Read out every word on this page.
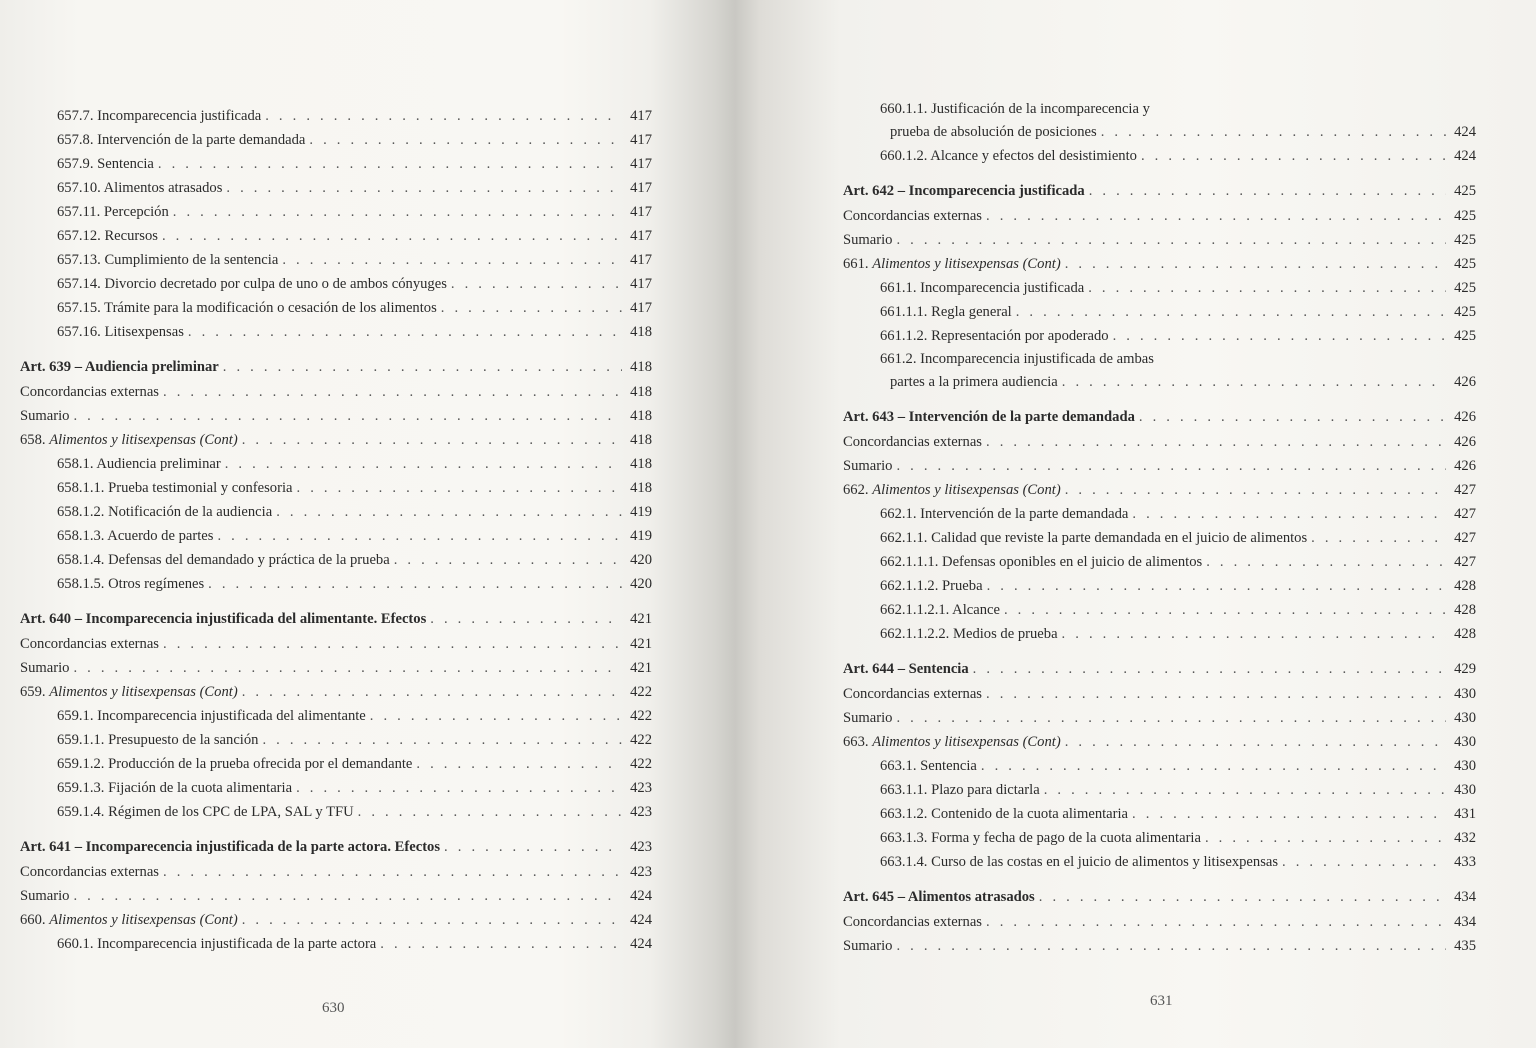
657.7. Incomparecencia justificada . . .	417
657.8. Intervención de la parte demandada . . .	417
657.9. Sentencia . . .	417
657.10. Alimentos atrasados . . .	417
657.11. Percepción . . .	417
657.12. Recursos . . .	417
657.13. Cumplimiento de la sentencia . . .	417
657.14. Divorcio decretado por culpa de uno o de ambos cónyuges . . .	417
657.15. Trámite para la modificación o cesación de los alimentos . . .	417
657.16. Litisexpensas . . .	418
Art. 639 – Audiencia preliminar . . .	418
Concordancias externas . . .	418
Sumario . . .	418
658. Alimentos y litisexpensas (Cont) . . .	418
658.1. Audiencia preliminar . . .	418
658.1.1. Prueba testimonial y confesoria . . .	418
658.1.2. Notificación de la audiencia . . .	419
658.1.3. Acuerdo de partes . . .	419
658.1.4. Defensas del demandado y práctica de la prueba . . .	420
658.1.5. Otros regímenes . . .	420
Art. 640 – Incomparecencia injustificada del alimentante. Efectos . . .	421
Concordancias externas . . .	421
Sumario . . .	421
659. Alimentos y litisexpensas (Cont) . . .	422
659.1. Incomparecencia injustificada del alimentante . . .	422
659.1.1. Presupuesto de la sanción . . .	422
659.1.2. Producción de la prueba ofrecida por el demandante . . .	422
659.1.3. Fijación de la cuota alimentaria . . .	423
659.1.4. Régimen de los CPC de LPA, SAL y TFU . . .	423
Art. 641 – Incomparecencia injustificada de la parte actora. Efectos . . .	423
Concordancias externas . . .	423
Sumario . . .	424
660. Alimentos y litisexpensas (Cont) . . .	424
660.1. Incomparecencia injustificada de la parte actora . . .	424
630
660.1.1. Justificación de la incomparecencia y
prueba de absolución de posiciones . . .	424
660.1.2. Alcance y efectos del desistimiento . . .	424
Art. 642 – Incomparecencia justificada . . .	425
Concordancias externas . . .	425
Sumario . . .	425
661. Alimentos y litisexpensas (Cont) . . .	425
661.1. Incomparecencia justificada . . .	425
661.1.1. Regla general . . .	425
661.1.2. Representación por apoderado . . .	425
661.2. Incomparecencia injustificada de ambas
partes a la primera audiencia . . .	426
Art. 643 – Intervención de la parte demandada . . .	426
Concordancias externas . . .	426
Sumario . . .	426
662. Alimentos y litisexpensas (Cont) . . .	427
662.1. Intervención de la parte demandada . . .	427
662.1.1. Calidad que reviste la parte demandada en el juicio de alimentos . . .	427
662.1.1.1. Defensas oponibles en el juicio de alimentos . . .	427
662.1.1.2. Prueba . . .	428
662.1.1.2.1. Alcance . . .	428
662.1.1.2.2. Medios de prueba . . .	428
Art. 644 – Sentencia . . .	429
Concordancias externas . . .	430
Sumario . . .	430
663. Alimentos y litisexpensas (Cont) . . .	430
663.1. Sentencia . . .	430
663.1.1. Plazo para dictarla . . .	430
663.1.2. Contenido de la cuota alimentaria . . .	431
663.1.3. Forma y fecha de pago de la cuota alimentaria . . .	432
663.1.4. Curso de las costas en el juicio de alimentos y litisexpensas . . .	433
Art. 645 – Alimentos atrasados . . .	434
Concordancias externas . . .	434
Sumario . . .	435
631
